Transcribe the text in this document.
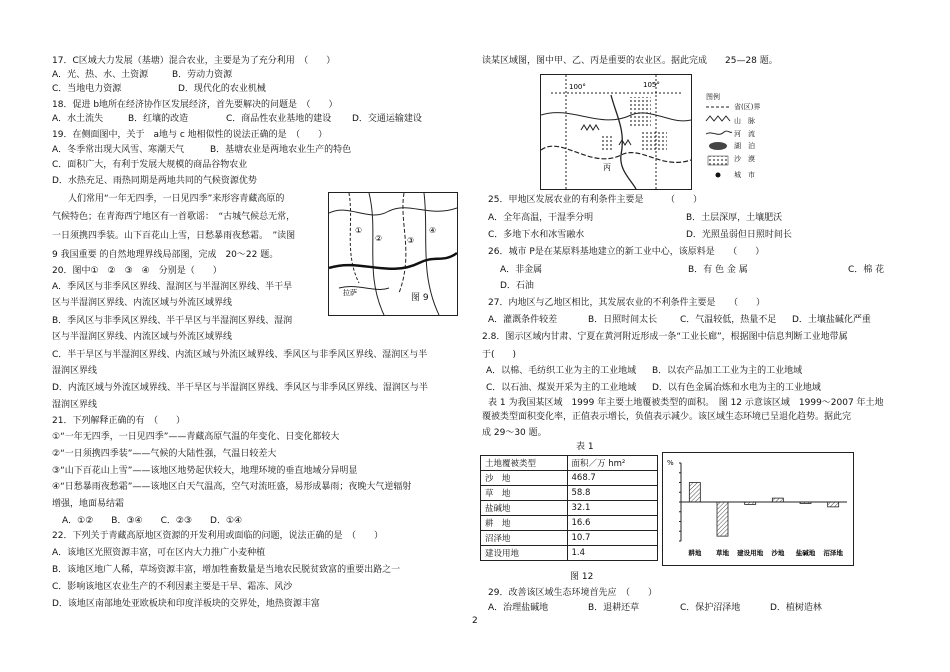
17．C区域大力发展（基塘）混合农业，主要是为了充分利用　（　　）
A．光、热、水、土资源	B．劳动力资源
C．当地电力资源	D．现代化的农业机械
18．促进 b地所在经济协作区发展经济，首先要解决的问题是　（　　）
A．水土流失	B．红壤的改造	C．商品性农业基地的建设 D．交通运输建设
19．在侧面图中，关于　a地与 c 地相似性的说法正确的是　（　　）
A．冬季常出现大风雪、寒潮天气	B．基塘农业是两地农业生产的特色
C．面积广大，有利于发展大规模的商品谷物农业
D．水热充足、雨热同期是两地共同的气候资源优势
人们常用“一年无四季，一日见四季”来形容青藏高原的
气候特色；在青海西宁地区有一首歌谣：　“古城气候总无常，
一日须携四季装。山下百花山上雪，日愁暴雨夜愁霜。　”读图
9 我国重要 的自然地理界线局部图，完成　20～22 题。
①
②	③
④
拉萨	图 9
20．图中①　②　③　④　分别是（　　）
A．季风区与非季风区界线、湿润区与半湿润区界线、半干旱
区与半湿润区界线、内流区域与外流区域界线
B．季风区与非季风区界线、半干旱区与半湿润区界线、湿润
区与半湿润区界线、内流区域与外流区域界线
C．半干旱区与半湿润区界线、内流区域与外流区域界线、季风区与非季风区界线、湿润区与半
湿润区界线
D．内流区域与外流区域界线、半干旱区与半湿润区界线、季风区与非季风区界线、湿润区与半
湿润区界线
21．下列解释正确的有　（　　）
①“一年无四季，一日见四季”——青藏高原气温的年变化、日变化都较大
②“一日须携四季装”——气候的大陆性强，气温日较差大
③“山下百花山上雪”——该地区地势起伏较大，地理环境的垂直地域分异明显
④“日愁暴雨夜愁霜”——该地区白天气温高，空气对流旺盛，易形成暴雨；夜晚大气逆辐射
增强，地面易结霜
A．①②　　B．③④　　C．②③　　D．①④
22．下列关于青藏高原地区资源的开发利用或面临的问题，说法正确的是　（　　）
A．该地区光照资源丰富，可在区内大力推广小麦种植
B．该地区地广人稀，草场资源丰富，增加牲畜数量是当地农民脱贫致富的重要出路之一
C．影响该地区农业生产的不利因素主要是干旱、霜冻、风沙
D．该地区南部地处亚欧板块和印度洋板块的交界处，地热资源丰富
读某区域图，图中甲、乙、丙是重要的农业区。据此完成　　25—28 题。
100°	105°
丙
图例
省(区)界
山　脉
河　流
湖　泊
沙　漠
城　市
25．甲地区发展农业的有利条件主要是　　　（　　）
A．全年高温，干湿季分明	B．土层深厚，土壤肥沃
C．多地下水和冰雪融水	D．光照虽弱但日照时间长
26．城市 P是在某原料基地建立的新工业中心，该原料是　　（　　）
A．非金属	B．有 色 金 属	C．棉 花
D．石油
27．内地区与乙地区相比，其发展农业的不利条件主要是　　（　　）
A．灌溉条件较差	B．日照时间太长	C．气温较低，热量不足 D．土壤盐碱化严重
2.8．图示区域内甘肃、宁夏在黄河附近形成一条“工业长廊”，根据图中信息判断工业地带属
于(　　)
A．以棉、毛纺织工业为主的工业地域 B．以农产品加工工业为主的工业地域
C．以石油、煤炭开采为主的工业地域 D．以有色金属冶炼和水电为主的工业地域
表 1 为我国某区域　1999 年主要土地覆被类型的面积。　图 12 示意该区域　1999～2007 年土地
覆被类型面积变化率，正值表示增长，负值表示减少。该区域生态环境已呈退化趋势。据此完
成 29～30 题。
表 1
土地覆被类型	面积／万 hm²
沙　地	468.7
草　地	58.8
盐碱地	32.1
耕　地	16.6
沼泽地	10.7
建设用地	1.4
%
耕地 草地 建设用地 沙地 盐碱地 沼泽地
图 12
29．改善该区域生态环境首先应　（　　）
A．治理盐碱地	B．退耕还草	C．保护沼泽地	D．植树造林
2
